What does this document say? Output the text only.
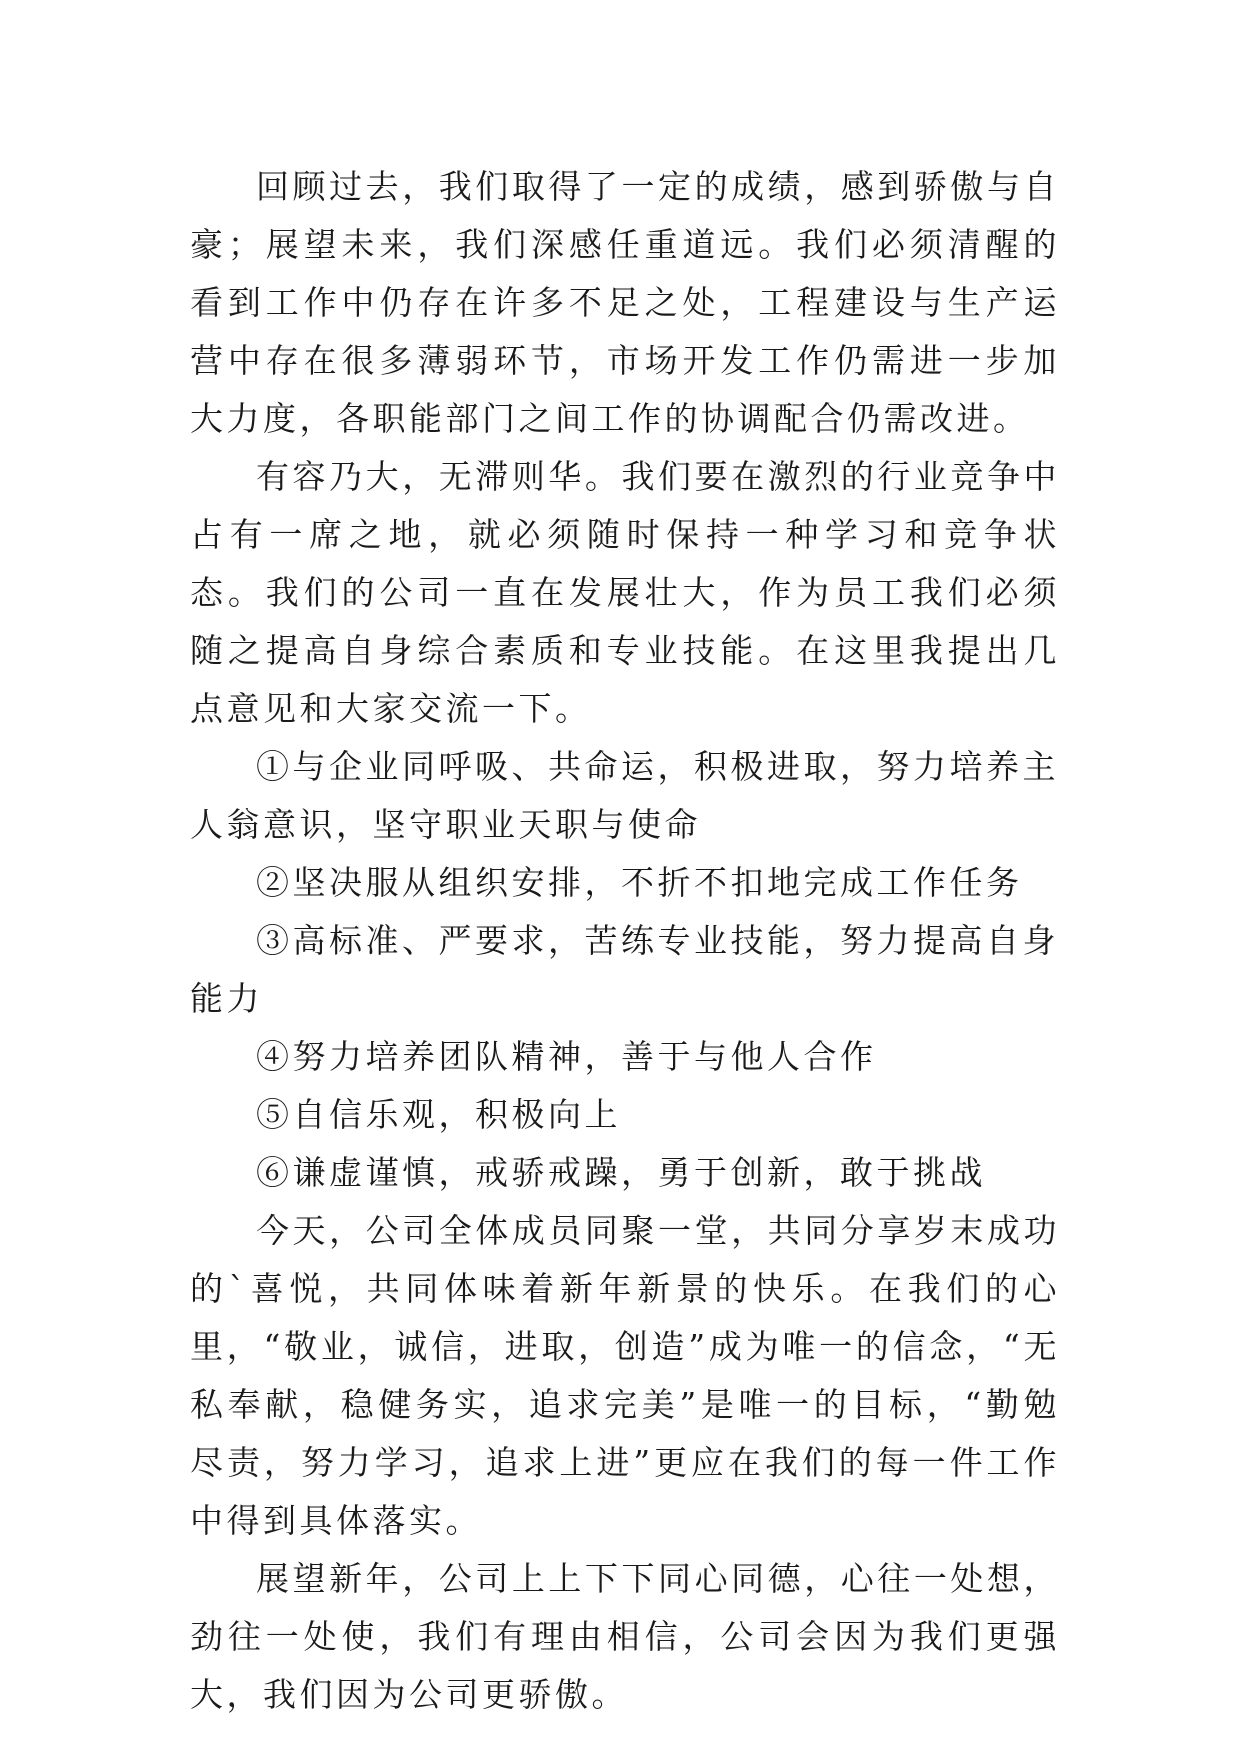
回顾过去，我们取得了一定的成绩，感到骄傲与自豪；展望未来，我们深感任重道远。我们必须清醒的看到工作中仍存在许多不足之处，工程建设与生产运营中存在很多薄弱环节，市场开发工作仍需进一步加大力度，各职能部门之间工作的协调配合仍需改进。

有容乃大，无滞则华。我们要在激烈的行业竞争中占有一席之地，就必须随时保持一种学习和竞争状态。我们的公司一直在发展壮大，作为员工我们必须随之提高自身综合素质和专业技能。在这里我提出几点意见和大家交流一下。

①与企业同呼吸、共命运，积极进取，努力培养主人翁意识，坚守职业天职与使命

②坚决服从组织安排，不折不扣地完成工作任务

③高标准、严要求，苦练专业技能，努力提高自身能力

④努力培养团队精神，善于与他人合作

⑤自信乐观，积极向上

⑥谦虚谨慎，戒骄戒躁，勇于创新，敢于挑战

今天，公司全体成员同聚一堂，共同分享岁末成功的`喜悦，共同体味着新年新景的快乐。在我们的心里，“敬业，诚信，进取，创造”成为唯一的信念，“无私奉献，稳健务实，追求完美”是唯一的目标，“勤勉尽责，努力学习，追求上进”更应在我们的每一件工作中得到具体落实。

展望新年，公司上上下下同心同德，心往一处想，劲往一处使，我们有理由相信，公司会因为我们更强大，我们因为公司更骄傲。
